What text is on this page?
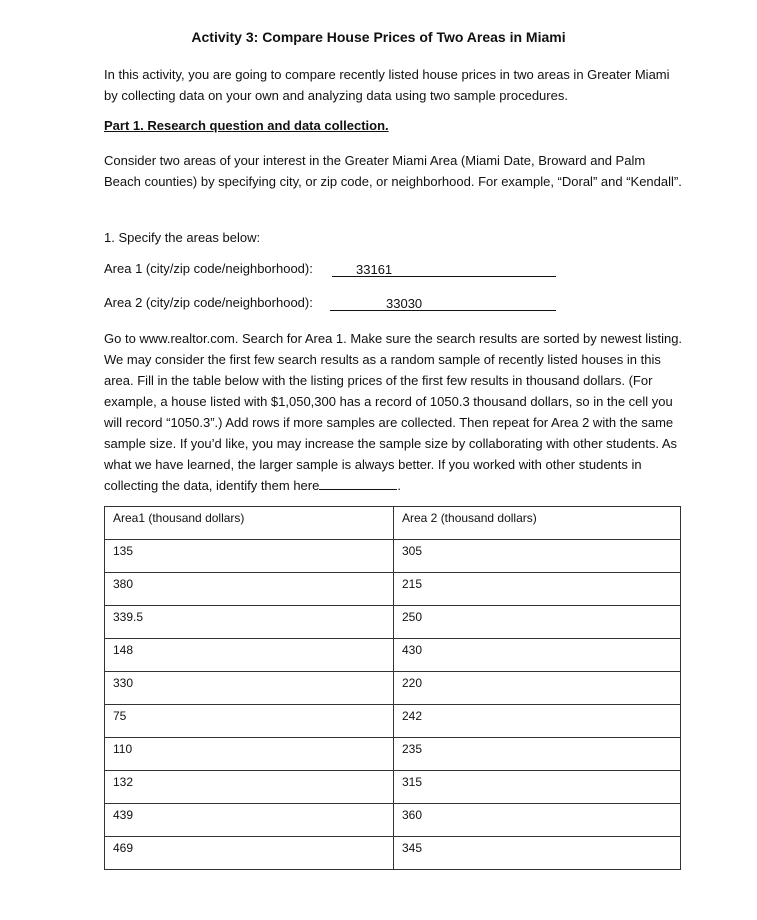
Activity 3: Compare House Prices of Two Areas in Miami
In this activity, you are going to compare recently listed house prices in two areas in Greater Miami by collecting data on your own and analyzing data using two sample procedures.
Part 1. Research question and data collection.
Consider two areas of your interest in the Greater Miami Area (Miami Date, Broward and Palm Beach counties) by specifying city, or zip code, or neighborhood. For example, “Doral” and “Kendall”.
1. Specify the areas below:
Area 1 (city/zip code/neighborhood):	33161
Area 2 (city/zip code/neighborhood):	33030
Go to www.realtor.com. Search for Area 1. Make sure the search results are sorted by newest listing. We may consider the first few search results as a random sample of recently listed houses in this area. Fill in the table below with the listing prices of the first few results in thousand dollars. (For example, a house listed with $1,050,300 has a record of 1050.3 thousand dollars, so in the cell you will record “1050.3”.) Add rows if more samples are collected. Then repeat for Area 2 with the same sample size. If you’d like, you may increase the sample size by collaborating with other students. As what we have learned, the larger sample is always better. If you worked with other students in collecting the data, identify them here	.
Area1 (thousand dollars)	Area 2 (thousand dollars)

135	305

380	215

339.5	250

148	430

330	220

75	242

110	235

132	315

439	360

469	345
